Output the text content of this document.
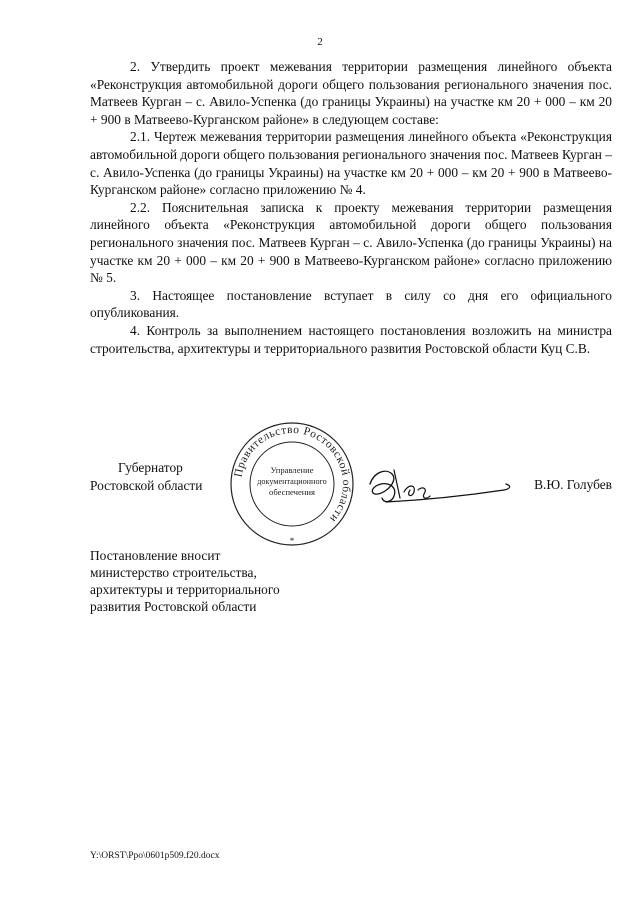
2

2. Утвердить проект межевания территории размещения линейного объекта «Реконструкция автомобильной дороги общего пользования регионального значения пос. Матвеев Курган – с. Авило-Успенка (до границы Украины) на участке км 20 + 000 – км 20 + 900 в Матвеево-Курганском районе» в следующем составе:

2.1. Чертеж межевания территории размещения линейного объекта «Реконструкция автомобильной дороги общего пользования регионального значения пос. Матвеев Курган – с. Авило-Успенка (до границы Украины) на участке км 20 + 000 – км 20 + 900 в Матвеево-Курганском районе» согласно приложению № 4.

2.2. Пояснительная записка к проекту межевания территории размещения линейного объекта «Реконструкция автомобильной дороги общего пользования регионального значения пос. Матвеев Курган – с. Авило-Успенка (до границы Украины) на участке км 20 + 000 – км 20 + 900 в Матвеево-Курганском районе» согласно приложению № 5.

3. Настоящее постановление вступает в силу со дня его официального опубликования.

4. Контроль за выполнением настоящего постановления возложить на министра строительства, архитектуры и территориального развития Ростовской области Куц С.В.

Губернатор
Ростовской области
Правительство Ростовской области
Управление
документационного
обеспечения
*
В.Ю. Голубев
Постановление вносит
министерство строительства,
архитектуры и территориального
развития Ростовской области
Y:\ORST\Ppo\0601p509.f20.docx
